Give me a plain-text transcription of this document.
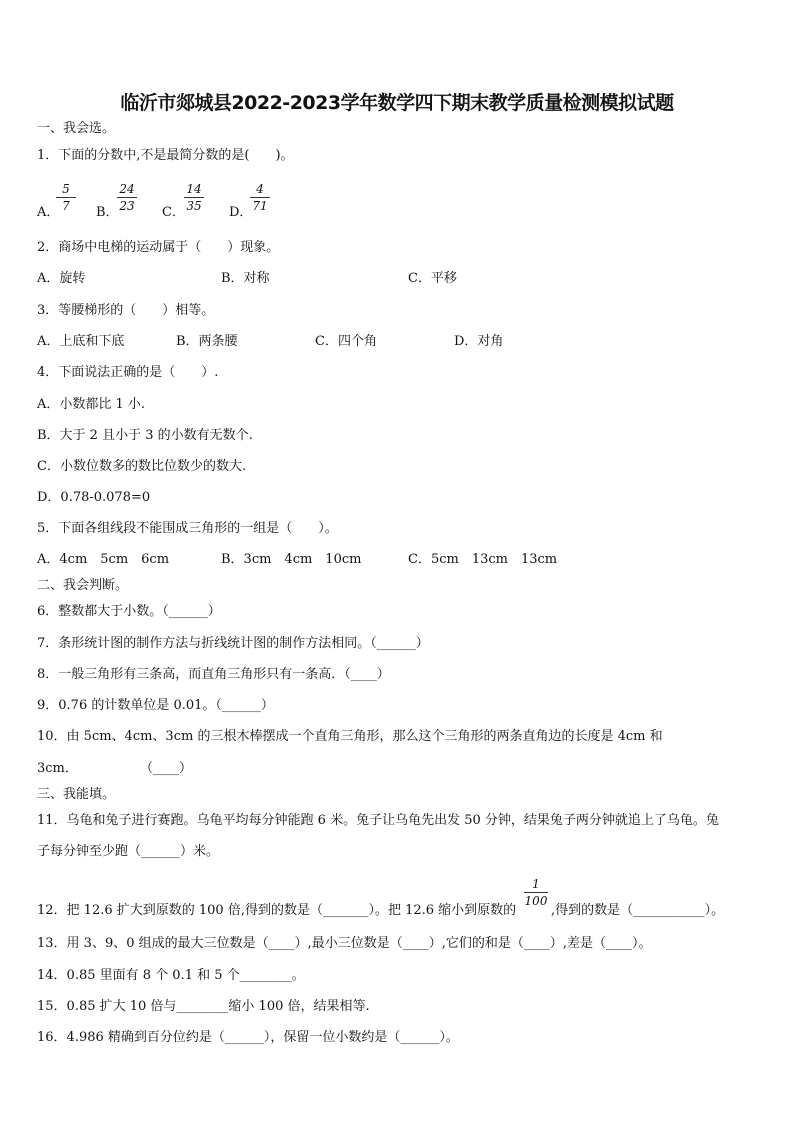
临沂市郯城县2022-2023学年数学四下期末教学质量检测模拟试题
一、我会选。
1．下面的分数中,不是最简分数的是(　　)。
A．
5
7	B．
24
23	C．
14
35	D．
4
71
2．商场中电梯的运动属于（　　）现象。
A．旋转	B．对称	C．平移
3．等腰梯形的（　　）相等。
A．上底和下底	B．两条腰	C．四个角	D．对角
4．下面说法正确的是（　　）.
A．小数都比 1 小.
B．大于 2 且小于 3 的小数有无数个.
C．小数位数多的数比位数少的数大.
D．0.78-0.078=0
5．下面各组线段不能围成三角形的一组是（　　）。
A．4cm　5cm　6cm	B．3cm　4cm　10cm	C．5cm　13cm　13cm
二、我会判断。
6．整数都大于小数。（______）
7．条形统计图的制作方法与折线统计图的制作方法相同。（______）
8．一般三角形有三条高，而直角三角形只有一条高．（____）
9．0.76 的计数单位是 0.01。（______）
10．由 5cm、4cm、3cm 的三根木棒摆成一个直角三角形，那么这个三角形的两条直角边的长度是 4cm 和
3cm．	（____）
三、我能填。
11．乌龟和兔子进行赛跑。乌龟平均每分钟能跑 6 米。兔子让乌龟先出发 50 分钟，结果兔子两分钟就追上了乌龟。兔
子每分钟至少跑（______）米。
12．把 12.6 扩大到原数的 100 倍,得到的数是（_______）。把 12.6 缩小到原数的
1
100
,得到的数是（___________）。
13．用 3、9、0 组成的最大三位数是（____）,最小三位数是（____）,它们的和是（____）,差是（____）。
14．0.85 里面有 8 个 0.1 和 5 个________。
15．0.85 扩大 10 倍与________缩小 100 倍，结果相等.
16．4.986 精确到百分位约是（______），保留一位小数约是（______）。
